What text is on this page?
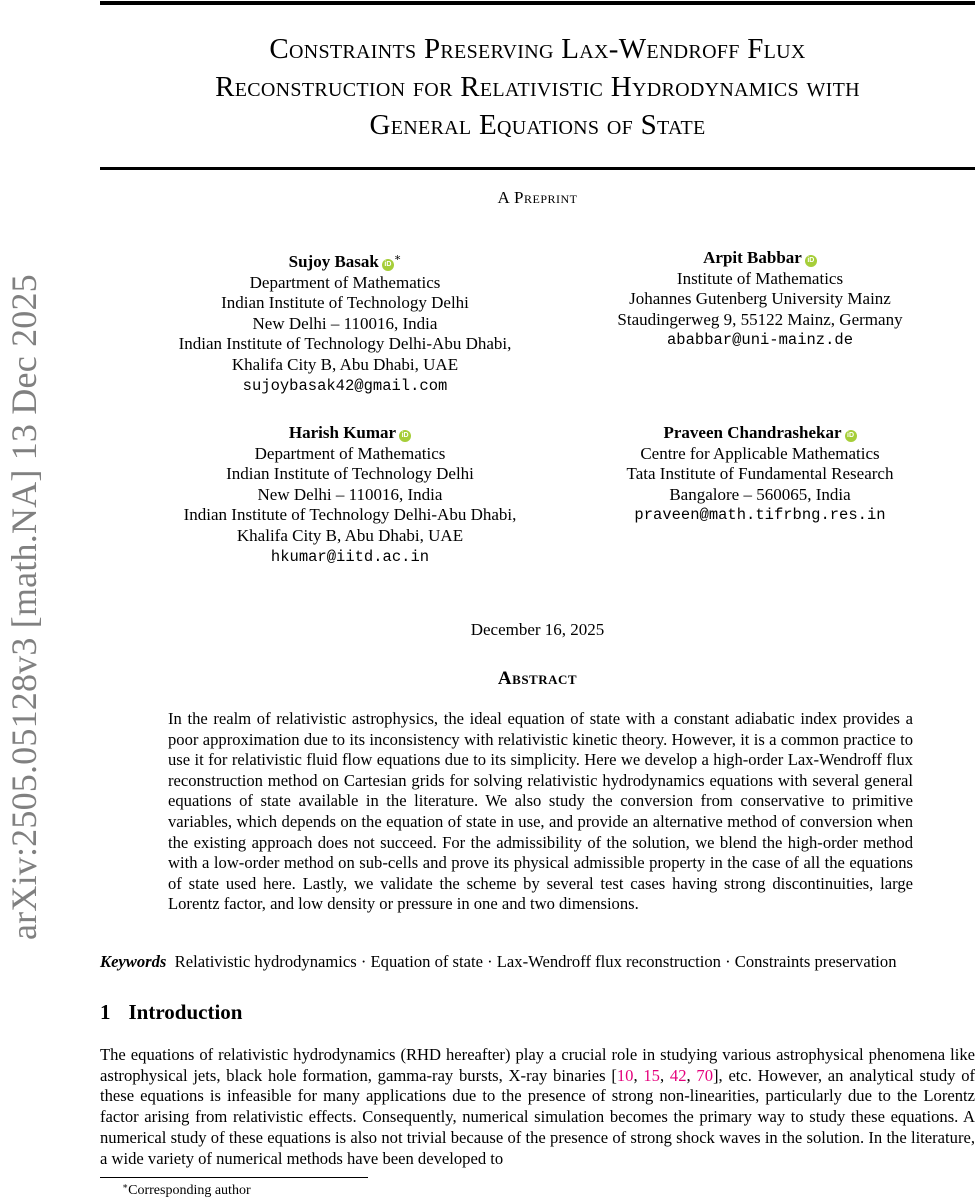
arXiv:2505.05128v3 [math.NA] 13 Dec 2025
Constraints Preserving Lax-Wendroff Flux
Reconstruction for Relativistic Hydrodynamics with
General Equations of State
A Preprint
Sujoy Basak iD∗
Department of Mathematics
Indian Institute of Technology Delhi
New Delhi – 110016, India
Indian Institute of Technology Delhi-Abu Dhabi,
Khalifa City B, Abu Dhabi, UAE
sujoybasak42@gmail.com
Arpit Babbar iD
Institute of Mathematics
Johannes Gutenberg University Mainz
Staudingerweg 9, 55122 Mainz, Germany
ababbar@uni-mainz.de
Harish Kumar iD
Department of Mathematics
Indian Institute of Technology Delhi
New Delhi – 110016, India
Indian Institute of Technology Delhi-Abu Dhabi,
Khalifa City B, Abu Dhabi, UAE
hkumar@iitd.ac.in
Praveen Chandrashekar iD
Centre for Applicable Mathematics
Tata Institute of Fundamental Research
Bangalore – 560065, India
praveen@math.tifrbng.res.in
December 16, 2025
Abstract
In the realm of relativistic astrophysics, the ideal equation of state with a constant adiabatic index provides a poor approximation due to its inconsistency with relativistic kinetic theory. However, it is a common practice to use it for relativistic fluid flow equations due to its simplicity. Here we develop a high-order Lax-Wendroff flux reconstruction method on Cartesian grids for solving relativistic hydrodynamics equations with several general equations of state available in the literature. We also study the conversion from conservative to primitive variables, which depends on the equation of state in use, and provide an alternative method of conversion when the existing approach does not succeed. For the admissibility of the solution, we blend the high-order method with a low-order method on sub-cells and prove its physical admissible property in the case of all the equations of state used here. Lastly, we validate the scheme by several test cases having strong discontinuities, large Lorentz factor, and low density or pressure in one and two dimensions.
Keywords Relativistic hydrodynamics · Equation of state · Lax-Wendroff flux reconstruction · Constraints preservation
1 Introduction
The equations of relativistic hydrodynamics (RHD hereafter) play a crucial role in studying various astrophysical phenomena like astrophysical jets, black hole formation, gamma-ray bursts, X-ray binaries [10, 15, 42, 70], etc. However, an analytical study of these equations is infeasible for many applications due to the presence of strong non-linearities, particularly due to the Lorentz factor arising from relativistic effects. Consequently, numerical simulation becomes the primary way to study these equations. A numerical study of these equations is also not trivial because of the presence of strong shock waves in the solution. In the literature, a wide variety of numerical methods have been developed to
∗Corresponding author
